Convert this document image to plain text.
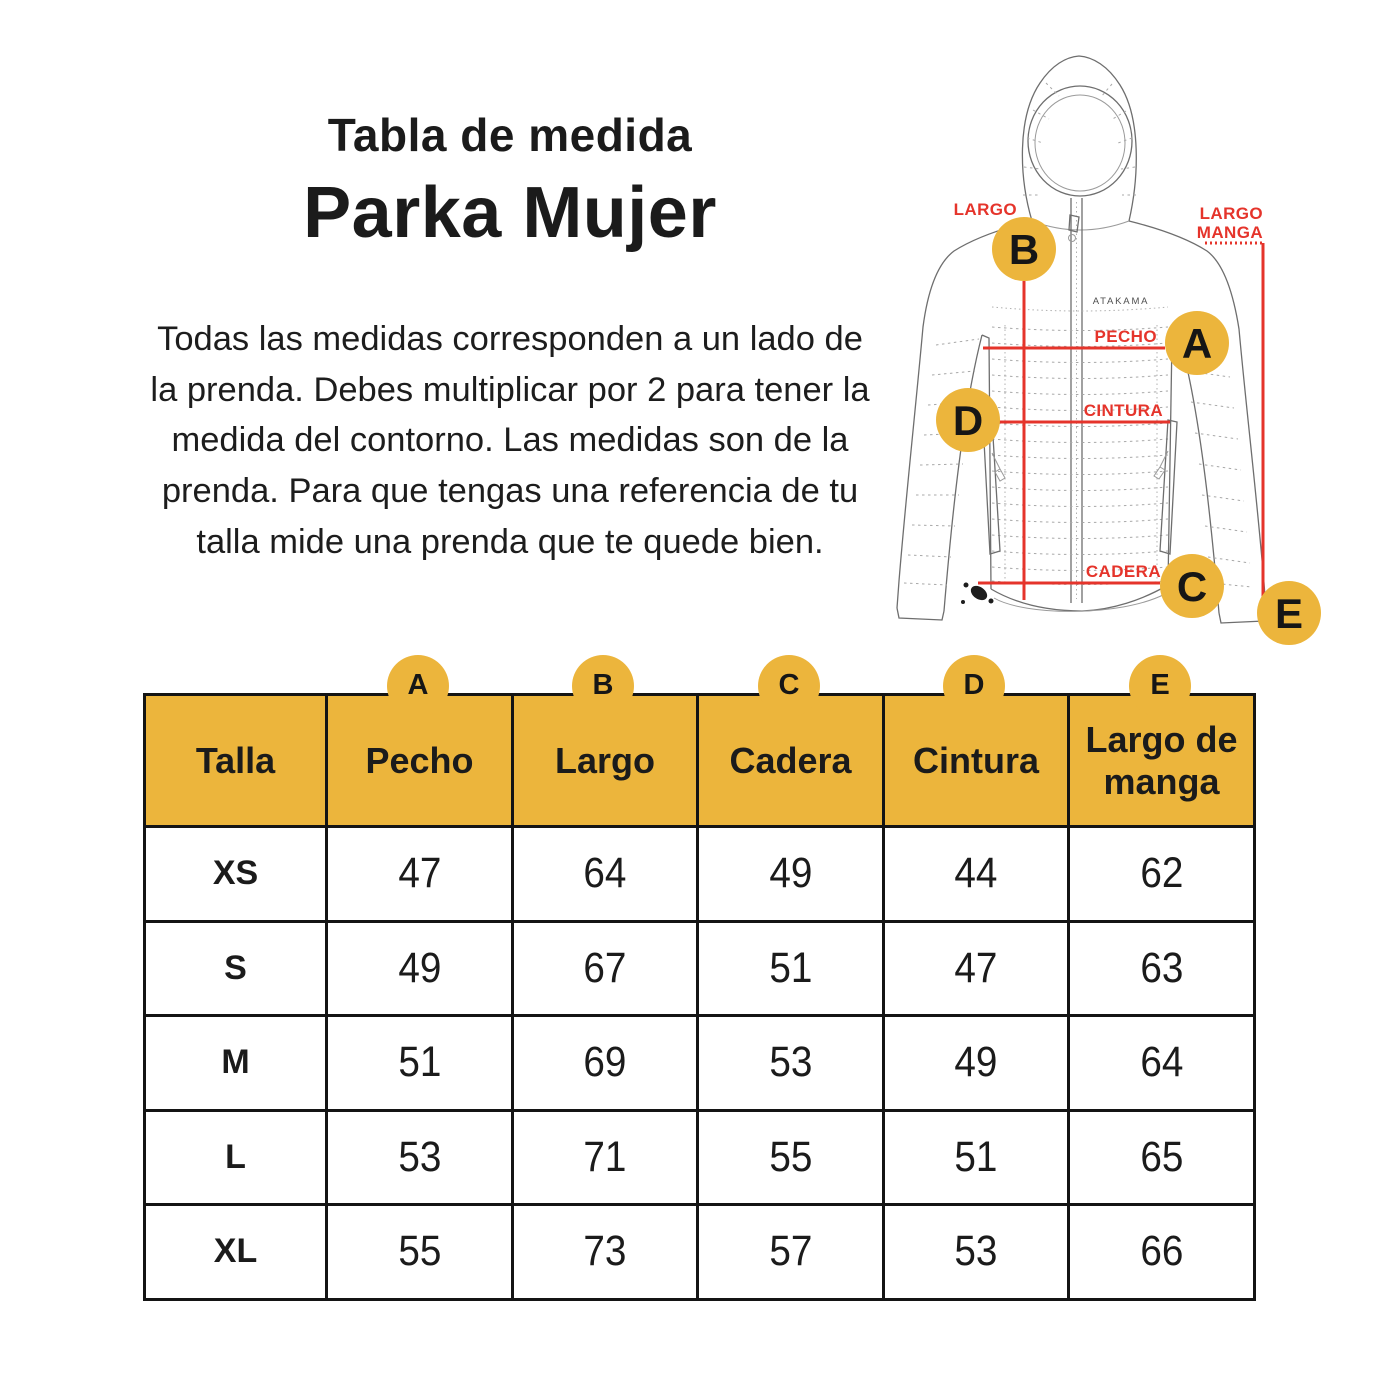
Tabla de medida
Parka Mujer

Todas las medidas corresponden a un lado de la prenda. Debes multiplicar por 2 para tener la medida del contorno. Las medidas son de la prenda. Para que tengas una referencia de tu talla mide una prenda que te quede bien.

ATAKAMA
LARGO
PECHO
CINTURA
CADERA
LARGO
MANGA
B
A
D
C
E
A	B	C	D	E
Talla	Pecho	Largo	Cadera	Cintura	Largo de manga
XS	47	64	49	44	62
S	49	67	51	47	63
M	51	69	53	49	64
L	53	71	55	51	65
XL	55	73	57	53	66
